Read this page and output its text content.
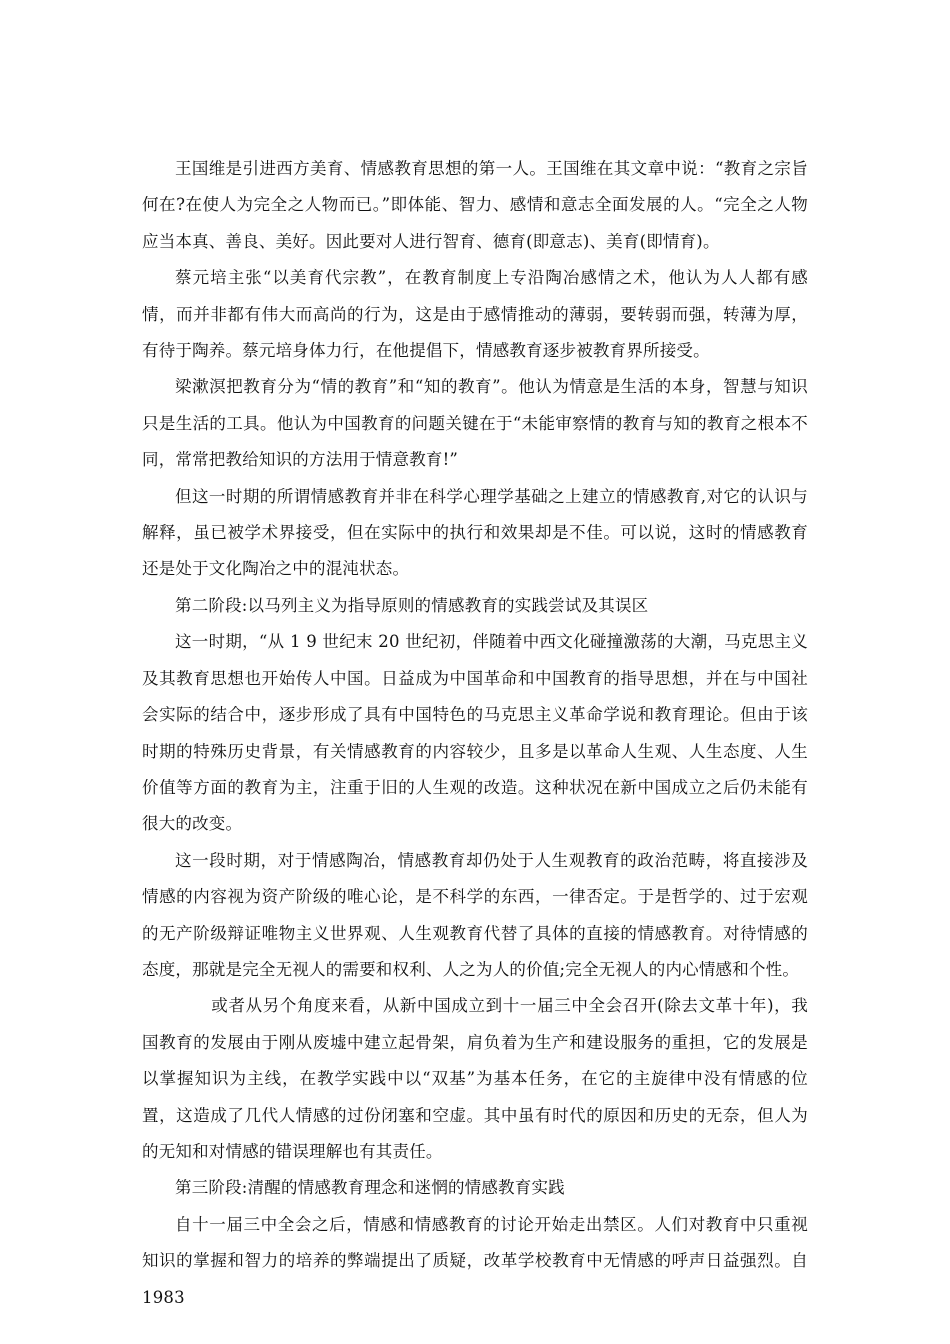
王国维是引进西方美育、情感教育思想的第一人。王国维在其文章中说：“教育之宗旨何在?在使人为完全之人物而已。”即体能、智力、感情和意志全面发展的人。“完全之人物应当本真、善良、美好。因此要对人进行智育、德育(即意志)、美育(即情育)。

蔡元培主张“以美育代宗教”，在教育制度上专沿陶冶感情之术，他认为人人都有感情，而并非都有伟大而高尚的行为，这是由于感情推动的薄弱，要转弱而强，转薄为厚，有待于陶养。蔡元培身体力行，在他提倡下，情感教育逐步被教育界所接受。

梁漱溟把教育分为“情的教育”和“知的教育”。他认为情意是生活的本身，智慧与知识只是生活的工具。他认为中国教育的问题关键在于“未能审察情的教育与知的教育之根本不同，常常把教给知识的方法用于情意教育!”

但这一时期的所谓情感教育并非在科学心理学基础之上建立的情感教育,对它的认识与解释，虽已被学术界接受，但在实际中的执行和效果却是不佳。可以说，这时的情感教育还是处于文化陶冶之中的混沌状态。

第二阶段:以马列主义为指导原则的情感教育的实践尝试及其误区

这一时期，“从 1 9 世纪末 20 世纪初，伴随着中西文化碰撞激荡的大潮，马克思主义及其教育思想也开始传人中国。日益成为中国革命和中国教育的指导思想，并在与中国社会实际的结合中，逐步形成了具有中国特色的马克思主义革命学说和教育理论。但由于该时期的特殊历史背景，有关情感教育的内容较少，且多是以革命人生观、人生态度、人生价值等方面的教育为主，注重于旧的人生观的改造。这种状况在新中国成立之后仍未能有很大的改变。

这一段时期，对于情感陶冶，情感教育却仍处于人生观教育的政治范畴，将直接涉及情感的内容视为资产阶级的唯心论，是不科学的东西，一律否定。于是哲学的、过于宏观的无产阶级辩证唯物主义世界观、人生观教育代替了具体的直接的情感教育。对待情感的态度，那就是完全无视人的需要和权利、人之为人的价值;完全无视人的内心情感和个性。

或者从另个角度来看，从新中国成立到十一届三中全会召开(除去文革十年)，我国教育的发展由于刚从废墟中建立起骨架，肩负着为生产和建设服务的重担，它的发展是以掌握知识为主线，在教学实践中以“双基”为基本任务，在它的主旋律中没有情感的位置，这造成了几代人情感的过份闭塞和空虚。其中虽有时代的原因和历史的无奈，但人为的无知和对情感的错误理解也有其责任。

第三阶段:清醒的情感教育理念和迷惘的情感教育实践

自十一届三中全会之后，情感和情感教育的讨论开始走出禁区。人们对教育中只重视知识的掌握和智力的培养的弊端提出了质疑，改革学校教育中无情感的呼声日益强烈。自 1983
